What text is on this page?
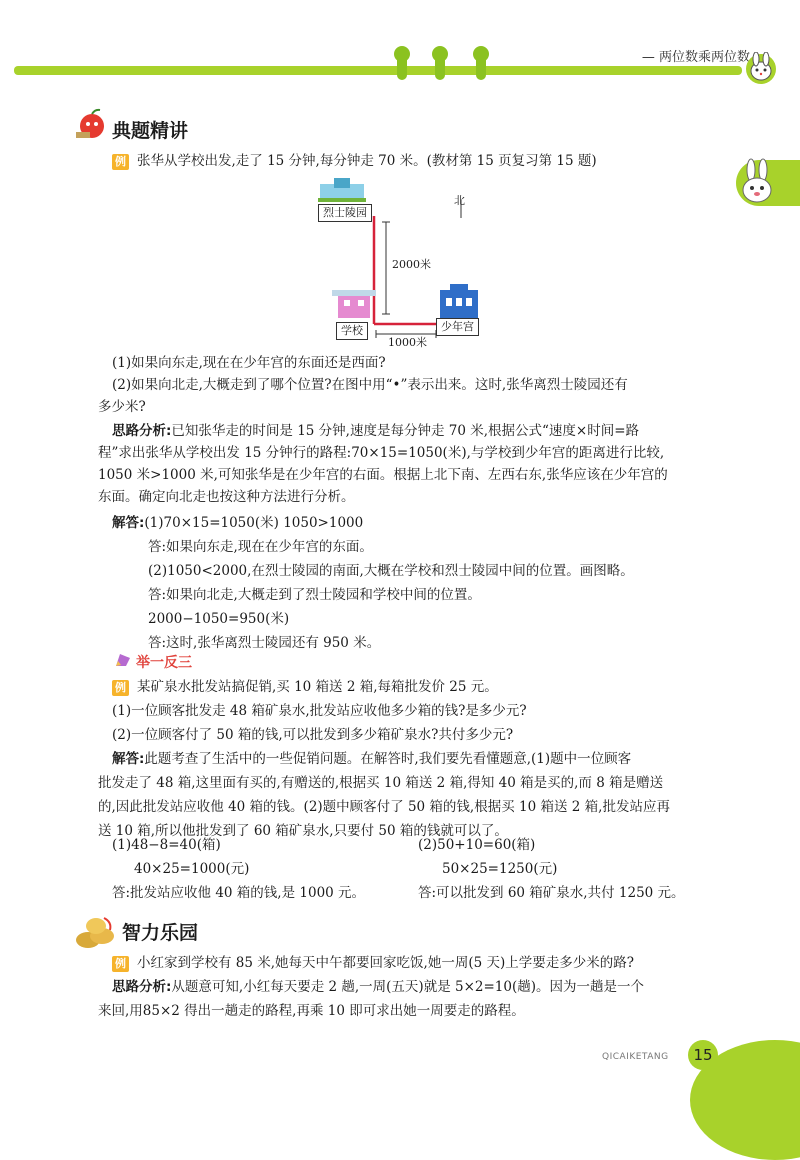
— 两位数乘两位数
典题精讲
例 张华从学校出发,走了 15 分钟,每分钟走 70 米。(教材第 15 页复习第 15 题)
北
烈士陵园
2000米
学校	少年宫
1000米
(1)如果向东走,现在在少年宫的东面还是西面?
(2)如果向北走,大概走到了哪个位置?在图中用“•”表示出来。这时,张华离烈士陵园还有
多少米?
思路分析:已知张华走的时间是 15 分钟,速度是每分钟走 70 米,根据公式“速度×时间=路
程”求出张华从学校出发 15 分钟行的路程:70×15=1050(米),与学校到少年宫的距离进行比较,
1050 米>1000 米,可知张华是在少年宫的右面。根据上北下南、左西右东,张华应该在少年宫的
东面。确定向北走也按这种方法进行分析。
解答:(1)70×15=1050(米) 1050>1000
答:如果向东走,现在在少年宫的东面。
(2)1050<2000,在烈士陵园的南面,大概在学校和烈士陵园中间的位置。画图略。
答:如果向北走,大概走到了烈士陵园和学校中间的位置。
2000−1050=950(米)
答:这时,张华离烈士陵园还有 950 米。
举一反三
例 某矿泉水批发站搞促销,买 10 箱送 2 箱,每箱批发价 25 元。
(1)一位顾客批发走 48 箱矿泉水,批发站应收他多少箱的钱?是多少元?
(2)一位顾客付了 50 箱的钱,可以批发到多少箱矿泉水?共付多少元?
解答:此题考查了生活中的一些促销问题。在解答时,我们要先看懂题意,(1)题中一位顾客
批发走了 48 箱,这里面有买的,有赠送的,根据买 10 箱送 2 箱,得知 40 箱是买的,而 8 箱是赠送
的,因此批发站应收他 40 箱的钱。(2)题中顾客付了 50 箱的钱,根据买 10 箱送 2 箱,批发站应再
送 10 箱,所以他批发到了 60 箱矿泉水,只要付 50 箱的钱就可以了。
(1)48−8=40(箱)
40×25=1000(元)
答:批发站应收他 40 箱的钱,是 1000 元。
(2)50+10=60(箱)
50×25=1250(元)
答:可以批发到 60 箱矿泉水,共付 1250 元。
智力乐园
例 小红家到学校有 85 米,她每天中午都要回家吃饭,她一周(5 天)上学要走多少米的路?
思路分析:从题意可知,小红每天要走 2 趟,一周(五天)就是 5×2=10(趟)。因为一趟是一个
来回,用85×2 得出一趟走的路程,再乘 10 即可求出她一周要走的路程。
QICAIKETANG	15
